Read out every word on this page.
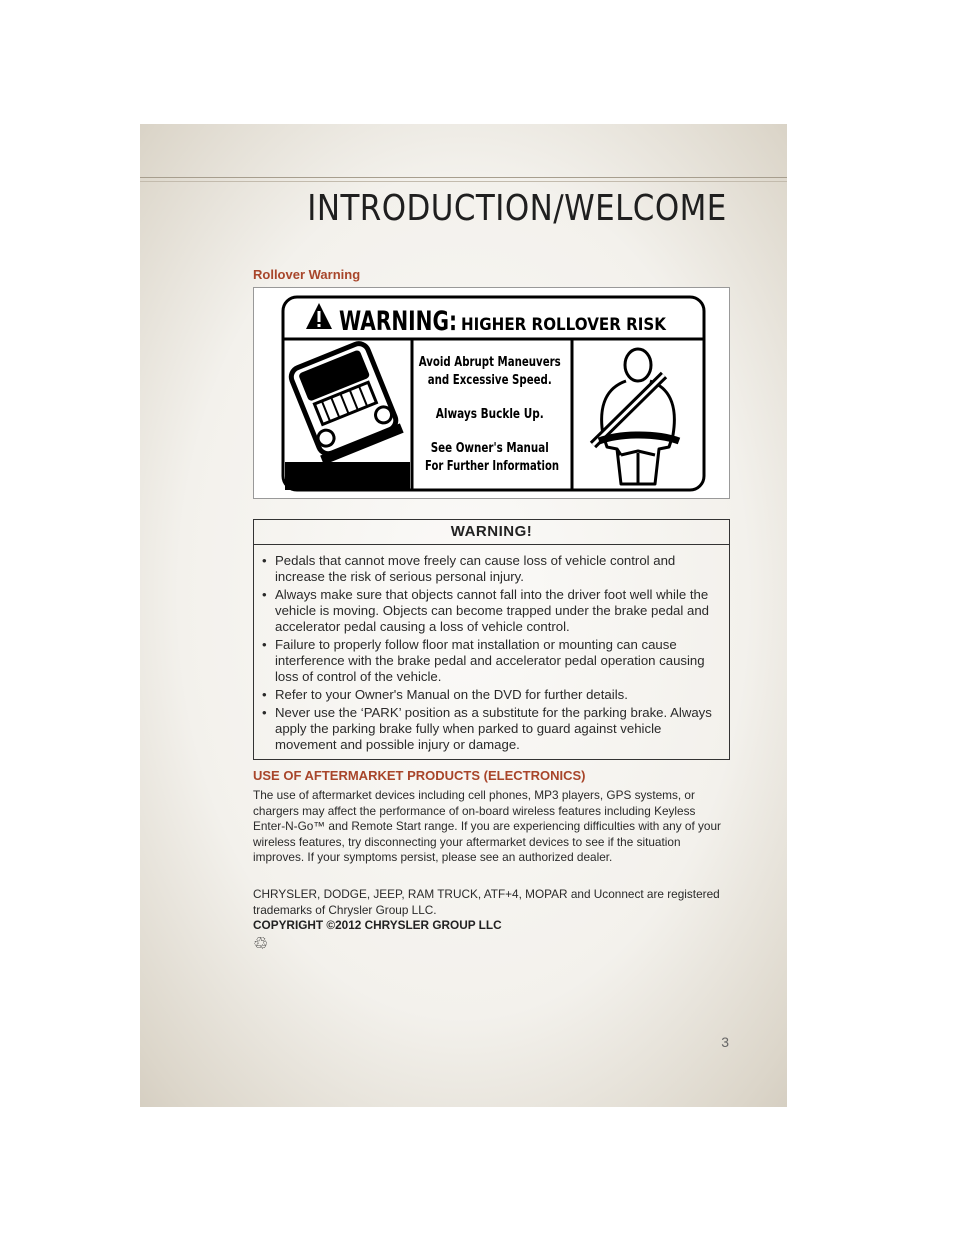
INTRODUCTION/WELCOME
Rollover Warning
WARNING: HIGHER ROLLOVER RISK
Avoid Abrupt Maneuvers and Excessive Speed. Always Buckle Up. See Owner's Manual For Further Information
WARNING!
• Pedals that cannot move freely can cause loss of vehicle control and increase the risk of serious personal injury.
• Always make sure that objects cannot fall into the driver foot well while the vehicle is moving. Objects can become trapped under the brake pedal and accelerator pedal causing a loss of vehicle control.
• Failure to properly follow floor mat installation or mounting can cause interference with the brake pedal and accelerator pedal operation causing loss of control of the vehicle.
• Refer to your Owner's Manual on the DVD for further details.
• Never use the ‘PARK’ position as a substitute for the parking brake. Always apply the parking brake fully when parked to guard against vehicle movement and possible injury or damage.
USE OF AFTERMARKET PRODUCTS (ELECTRONICS)

The use of aftermarket devices including cell phones, MP3 players, GPS systems, or chargers may affect the performance of on-board wireless features including Keyless Enter-N-Go™ and Remote Start range. If you are experiencing difficulties with any of your wireless features, try disconnecting your aftermarket devices to see if the situation improves. If your symptoms persist, please see an authorized dealer.

CHRYSLER, DODGE, JEEP, RAM TRUCK, ATF+4, MOPAR and Uconnect are registered trademarks of Chrysler Group LLC.

COPYRIGHT ©2012 CHRYSLER GROUP LLC

♲
3
